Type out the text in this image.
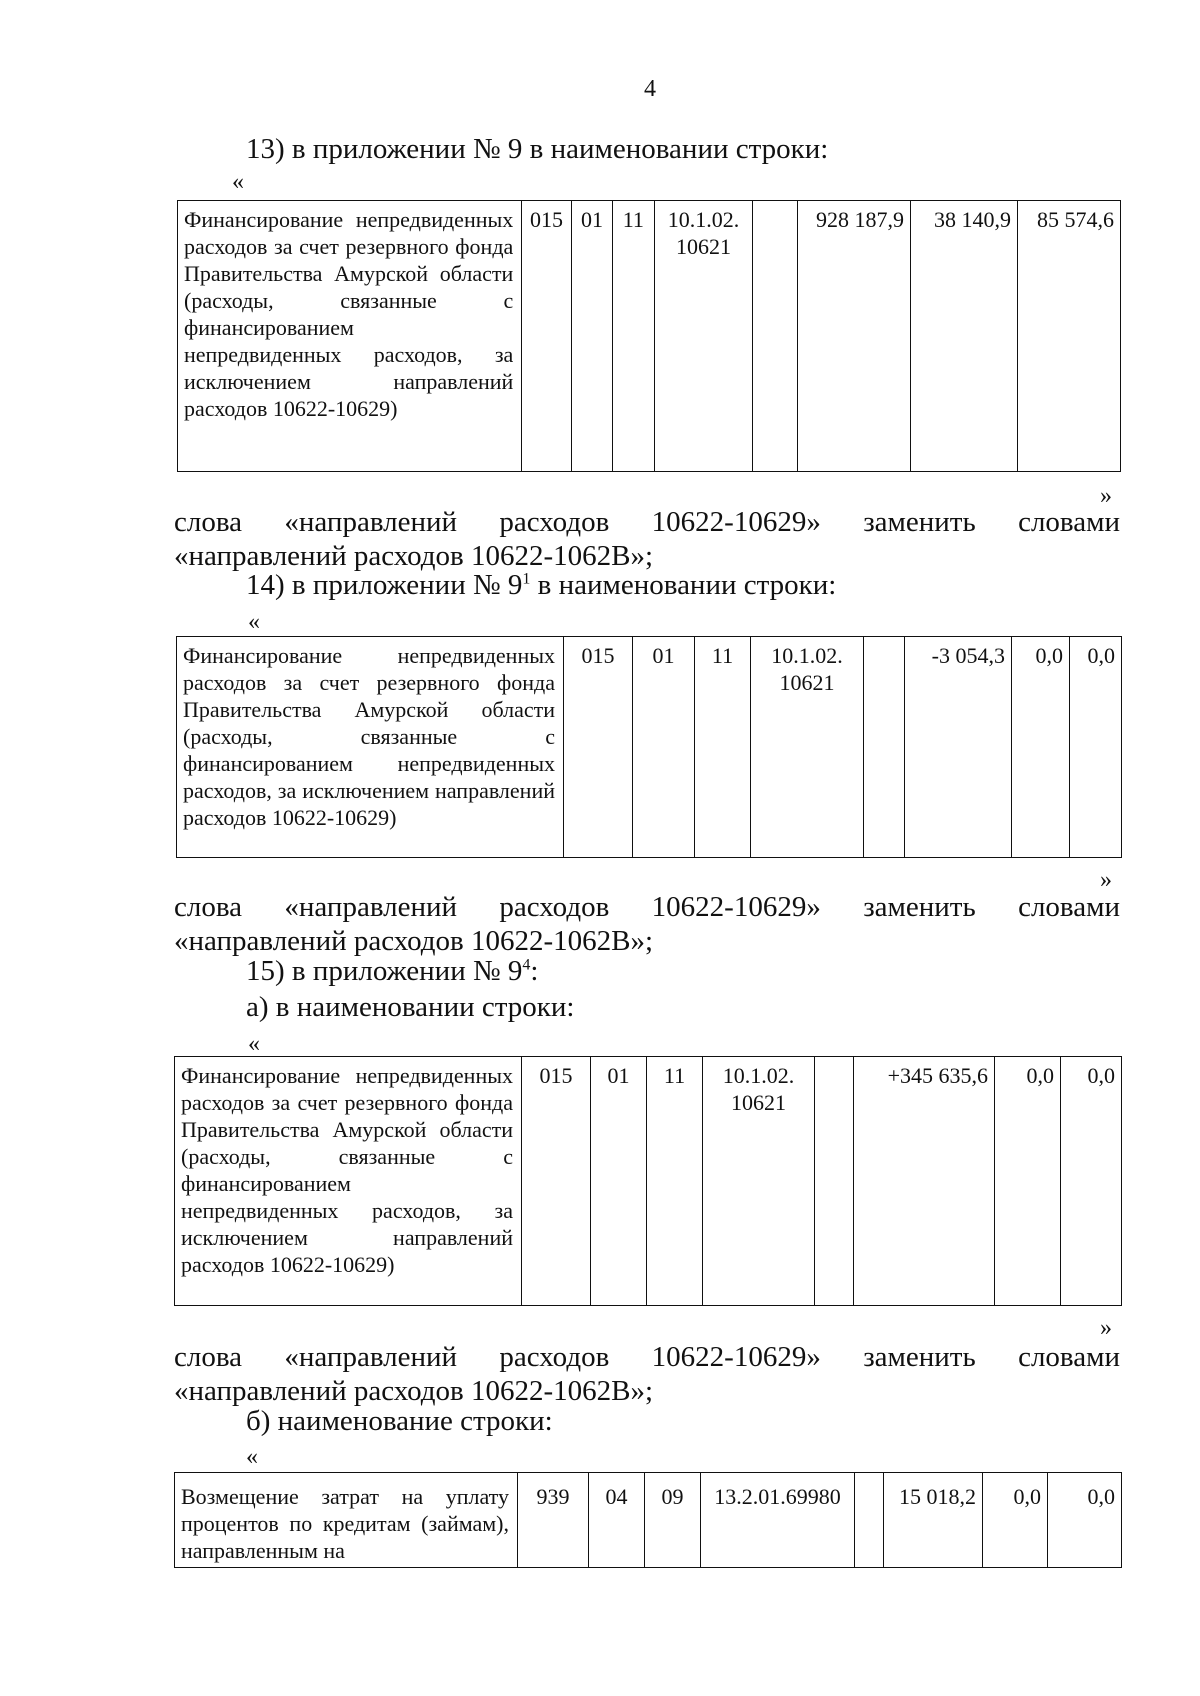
4
13) в приложении № 9 в наименовании строки:
«
Финансирование непредвиденных расходов за счет резервного фонда Правительства Амурской области (расходы, связанные с финансированием непредвиденных расходов, за исключением направлений расходов 10622-10629)	015	01	11	10.1.02. 10621		928 187,9	38 140,9	85 574,6
»
слова «направлений расходов 10622-10629» заменить словами «направлений расходов 10622-1062В»;
14) в приложении № $9^1$ в наименовании строки:
«
Финансирование непредвиденных расходов за счет резервного фонда Правительства Амурской области (расходы, связанные с финансированием непредвиденных расходов, за исключением направлений расходов 10622-10629)	015	01	11	10.1.02. 10621		-3 054,3	0,0	0,0
»
слова «направлений расходов 10622-10629» заменить словами «направлений расходов 10622-1062В»;
15) в приложении № $9^4$:
а) в наименовании строки:
«
Финансирование непредвиденных расходов за счет резервного фонда Правительства Амурской области (расходы, связанные с финансированием непредвиденных расходов, за исключением направлений расходов 10622-10629)	015	01	11	10.1.02. 10621		+345 635,6	0,0	0,0
»
слова «направлений расходов 10622-10629» заменить словами «направлений расходов 10622-1062В»;
б) наименование строки:
«
Возмещение затрат на уплату процентов по кредитам (займам), направленным на	939	04	09	13.2.01.69980		15 018,2	0,0	0,0
